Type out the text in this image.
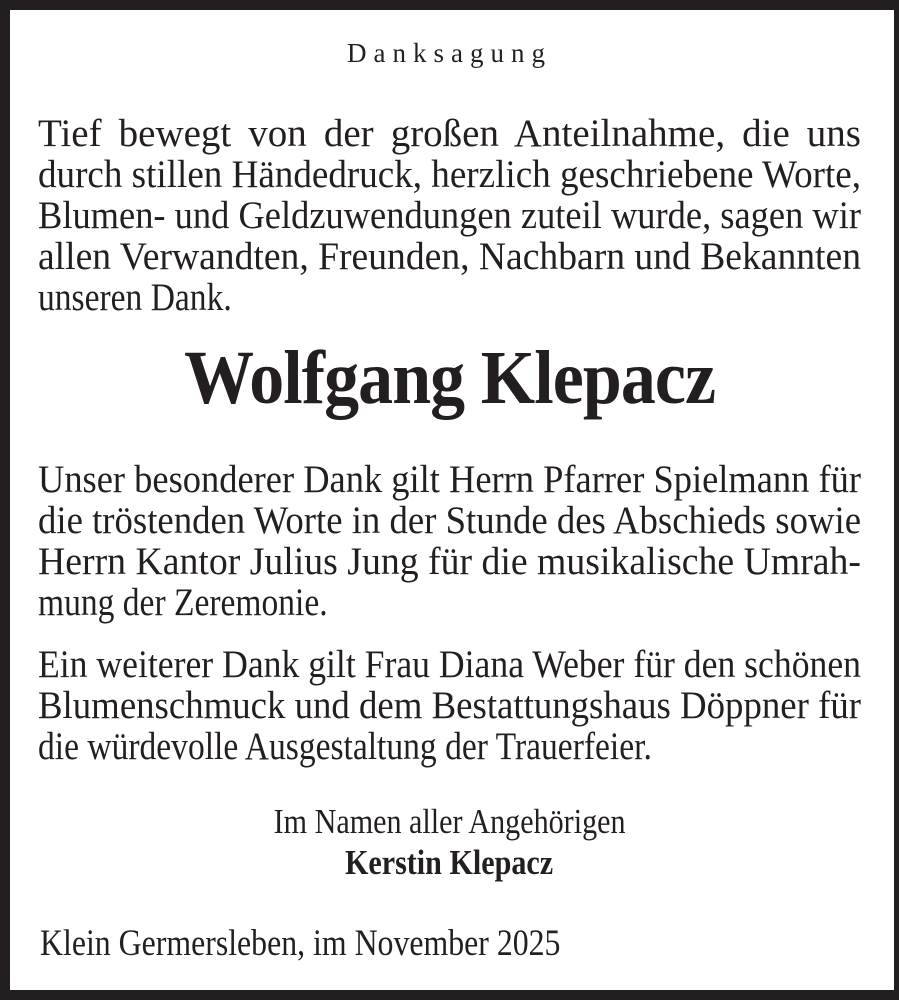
Danksagung
Tief bewegt von der großen Anteilnahme, die uns
durch stillen Händedruck, herzlich geschriebene Worte,
Blumen- und Geldzuwendungen zuteil wurde, sagen wir
allen Verwandten, Freunden, Nachbarn und Bekannten
unseren Dank.
Wolfgang Klepacz
Unser besonderer Dank gilt Herrn Pfarrer Spielmann für
die tröstenden Worte in der Stunde des Abschieds sowie
Herrn Kantor Julius Jung für die musikalische Umrah-
mung der Zeremonie.
Ein weiterer Dank gilt Frau Diana Weber für den schönen
Blumenschmuck und dem Bestattungshaus Döppner für
die würdevolle Ausgestaltung der Trauerfeier.
Im Namen aller Angehörigen
Kerstin Klepacz
Klein Germersleben, im November 2025
